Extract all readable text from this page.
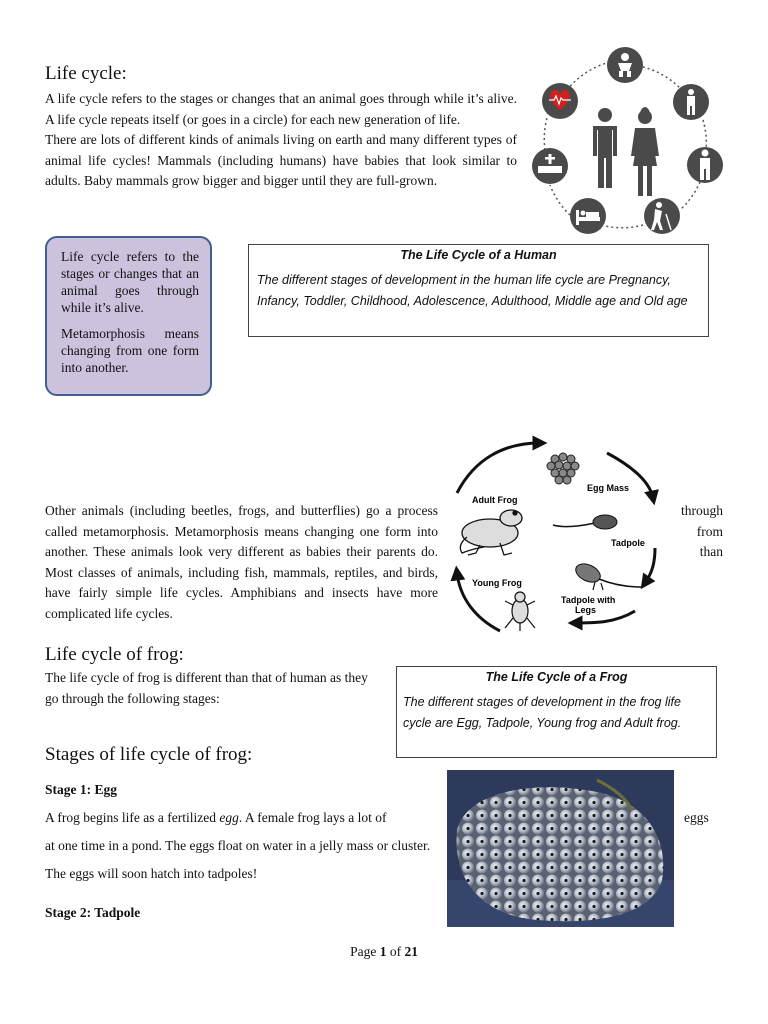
Life cycle:

A life cycle refers to the stages or changes that an animal goes through while it’s alive. A life cycle repeats itself (or goes in a circle) for each new generation of life.

There are lots of different kinds of animals living on earth and many different types of animal life cycles! Mammals (including humans) have babies that look similar to adults. Baby mammals grow bigger and bigger until they are full-grown.

Life cycle refers to the stages or changes that an animal goes through while it’s alive.

Metamorphosis means changing from one form into another.

The Life Cycle of a Human
The different stages of development in the human life cycle are Pregnancy, Infancy, Toddler, Childhood, Adolescence, Adulthood, Middle age and Old age
Other animals (including beetles, frogs, and butterflies) go a process called metamorphosis. Metamorphosis means changing one form into another. These animals look very different as babies their parents do. Most classes of animals, including fish, mammals, reptiles, and birds, have fairly simple life cycles. Amphibians and insects have more complicated life cycles.
through
from
than
Egg Mass
Adult Frog
Tadpole
Tadpole with
Legs
Young Frog
Life cycle of frog:
The life cycle of frog is different than that of human as they go through the following stages:
The Life Cycle of a Frog
The different stages of development in the frog life cycle are Egg, Tadpole, Young frog and Adult frog.
Stages of life cycle of frog:
Stage 1: Egg
A frog begins life as a fertilized egg. A female frog lays a lot of
at one time in a pond. The eggs float on water in a jelly mass or cluster. The eggs will soon hatch into tadpoles!
eggs
Stage 2: Tadpole
Page 1 of 21
